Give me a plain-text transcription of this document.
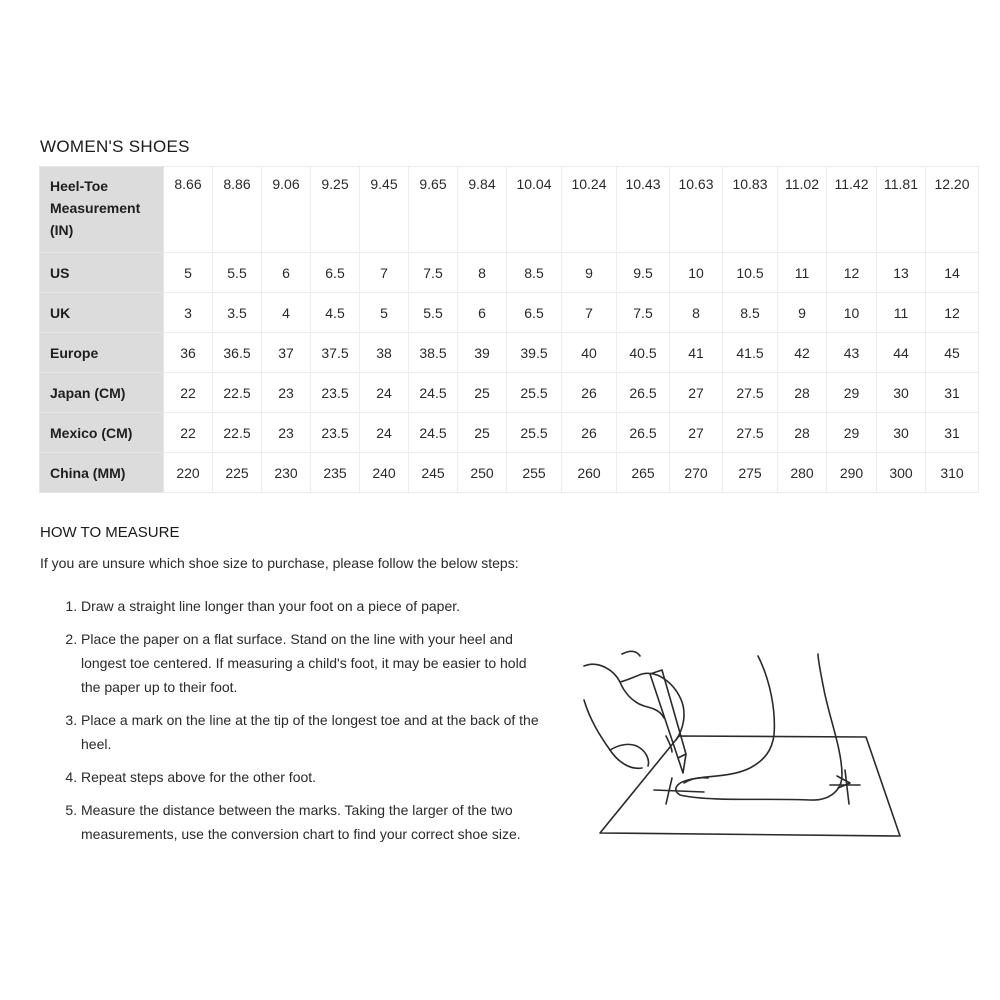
WOMEN'S SHOES
Heel-Toe
Measurement
(IN)	8.66	8.86	9.06	9.25	9.45	9.65	9.84	10.04	10.24	10.43	10.63	10.83	11.02	11.42	11.81	12.20
US	5	5.5	6	6.5	7	7.5	8	8.5	9	9.5	10	10.5	11	12	13	14
UK	3	3.5	4	4.5	5	5.5	6	6.5	7	7.5	8	8.5	9	10	11	12
Europe	36	36.5	37	37.5	38	38.5	39	39.5	40	40.5	41	41.5	42	43	44	45
Japan (CM)	22	22.5	23	23.5	24	24.5	25	25.5	26	26.5	27	27.5	28	29	30	31
Mexico (CM)	22	22.5	23	23.5	24	24.5	25	25.5	26	26.5	27	27.5	28	29	30	31
China (MM)	220	225	230	235	240	245	250	255	260	265	270	275	280	290	300	310
HOW TO MEASURE

If you are unsure which shoe size to purchase, please follow the below steps:

1. Draw a straight line longer than your foot on a piece of paper.
2. Place the paper on a flat surface. Stand on the line with your heel and longest toe centered. If measuring a child's foot, it may be easier to hold the paper up to their foot.
3. Place a mark on the line at the tip of the longest toe and at the back of the heel.
4. Repeat steps above for the other foot.
5. Measure the distance between the marks. Taking the larger of the two measurements, use the conversion chart to find your correct shoe size.
